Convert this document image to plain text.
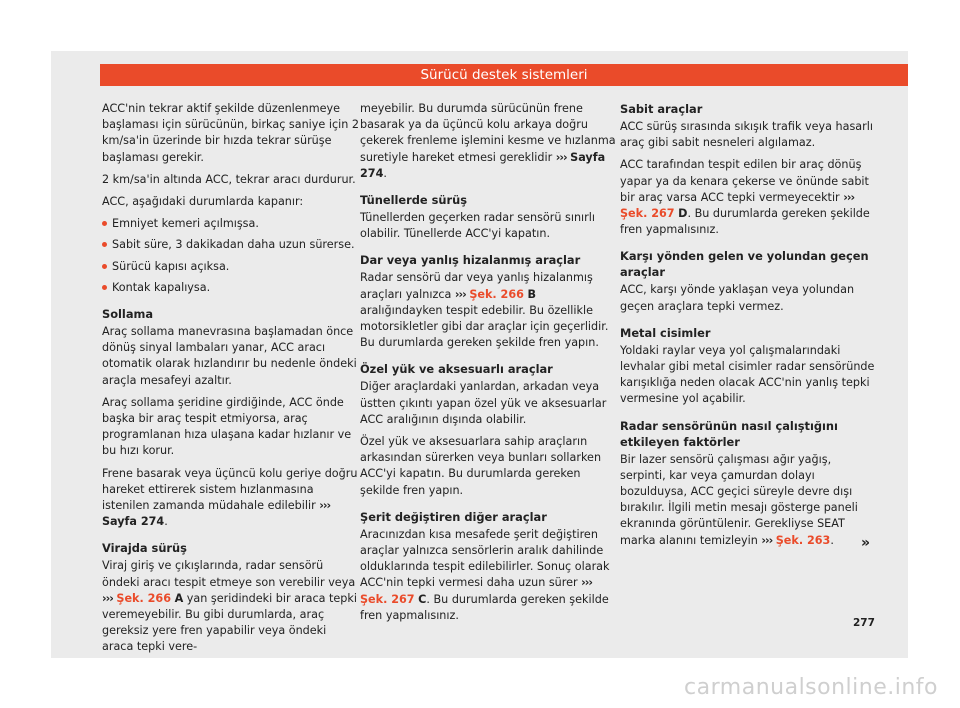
Sürücü destek sistemleri

ACC'nin tekrar aktif şekilde düzenlenmeye başlaması için sürücünün, birkaç saniye için 2 km/sa'in üzerinde bir hızda tekrar sürüşe başlaması gerekir.

2 km/sa'in altında ACC, tekrar aracı durdurur.

ACC, aşağıdaki durumlarda kapanır:

Emniyet kemeri açılmışsa.
Sabit süre, 3 dakikadan daha uzun sürerse.
Sürücü kapısı açıksa.
Kontak kapalıysa.
Sollama

Araç sollama manevrasına başlamadan önce dönüş sinyal lambaları yanar, ACC aracı otomatik olarak hızlandırır bu nedenle öndeki araçla mesafeyi azaltır.

Araç sollama şeridine girdiğinde, ACC önde başka bir araç tespit etmiyorsa, araç programlanan hıza ulaşana kadar hızlanır ve bu hızı korur.

Frene basarak veya üçüncü kolu geriye doğru hareket ettirerek sistem hızlanmasına istenilen zamanda müdahale edilebilir ››› Sayfa 274.

Virajda sürüş

Viraj giriş ve çıkışlarında, radar sensörü öndeki aracı tespit etmeye son verebilir veya ››› Şek. 266 A yan şeridindeki bir araca tepki veremeyebilir. Bu gibi durumlarda, araç gereksiz yere fren yapabilir veya öndeki araca tepki vere-

meyebilir. Bu durumda sürücünün frene basarak ya da üçüncü kolu arkaya doğru çekerek frenleme işlemini kesme ve hızlanma suretiyle hareket etmesi gereklidir ››› Sayfa 274.

Tünellerde sürüş

Tünellerden geçerken radar sensörü sınırlı olabilir. Tünellerde ACC'yi kapatın.

Dar veya yanlış hizalanmış araçlar

Radar sensörü dar veya yanlış hizalanmış araçları yalnızca ››› Şek. 266 B aralığındayken tespit edebilir. Bu özellikle motorsikletler gibi dar araçlar için geçerlidir. Bu durumlarda gereken şekilde fren yapın.

Özel yük ve aksesuarlı araçlar

Diğer araçlardaki yanlardan, arkadan veya üstten çıkıntı yapan özel yük ve aksesuarlar ACC aralığının dışında olabilir.

Özel yük ve aksesuarlara sahip araçların arkasından sürerken veya bunları sollarken ACC'yi kapatın. Bu durumlarda gereken şekilde fren yapın.

Şerit değiştiren diğer araçlar

Aracınızdan kısa mesafede şerit değiştiren araçlar yalnızca sensörlerin aralık dahilinde olduklarında tespit edilebilirler. Sonuç olarak ACC'nin tepki vermesi daha uzun sürer ››› Şek. 267 C. Bu durumlarda gereken şekilde fren yapmalısınız.

Sabit araçlar

ACC sürüş sırasında sıkışık trafik veya hasarlı araç gibi sabit nesneleri algılamaz.

ACC tarafından tespit edilen bir araç dönüş yapar ya da kenara çekerse ve önünde sabit bir araç varsa ACC tepki vermeyecektir ››› Şek. 267 D. Bu durumlarda gereken şekilde fren yapmalısınız.

Karşı yönden gelen ve yolundan geçen araçlar

ACC, karşı yönde yaklaşan veya yolundan geçen araçlara tepki vermez.

Metal cisimler

Yoldaki raylar veya yol çalışmalarındaki levhalar gibi metal cisimler radar sensöründe karışıklığa neden olacak ACC'nin yanlış tepki vermesine yol açabilir.

Radar sensörünün nasıl çalıştığını etkileyen faktörler

Bir lazer sensörü çalışması ağır yağış, serpinti, kar veya çamurdan dolayı bozulduysa, ACC geçici süreyle devre dışı bırakılır. İlgili metin mesajı gösterge paneli ekranında görüntülenir. Gerekliyse SEAT marka alanını temizleyin ››› Şek. 263.	»
277
carmanualsonline.info
